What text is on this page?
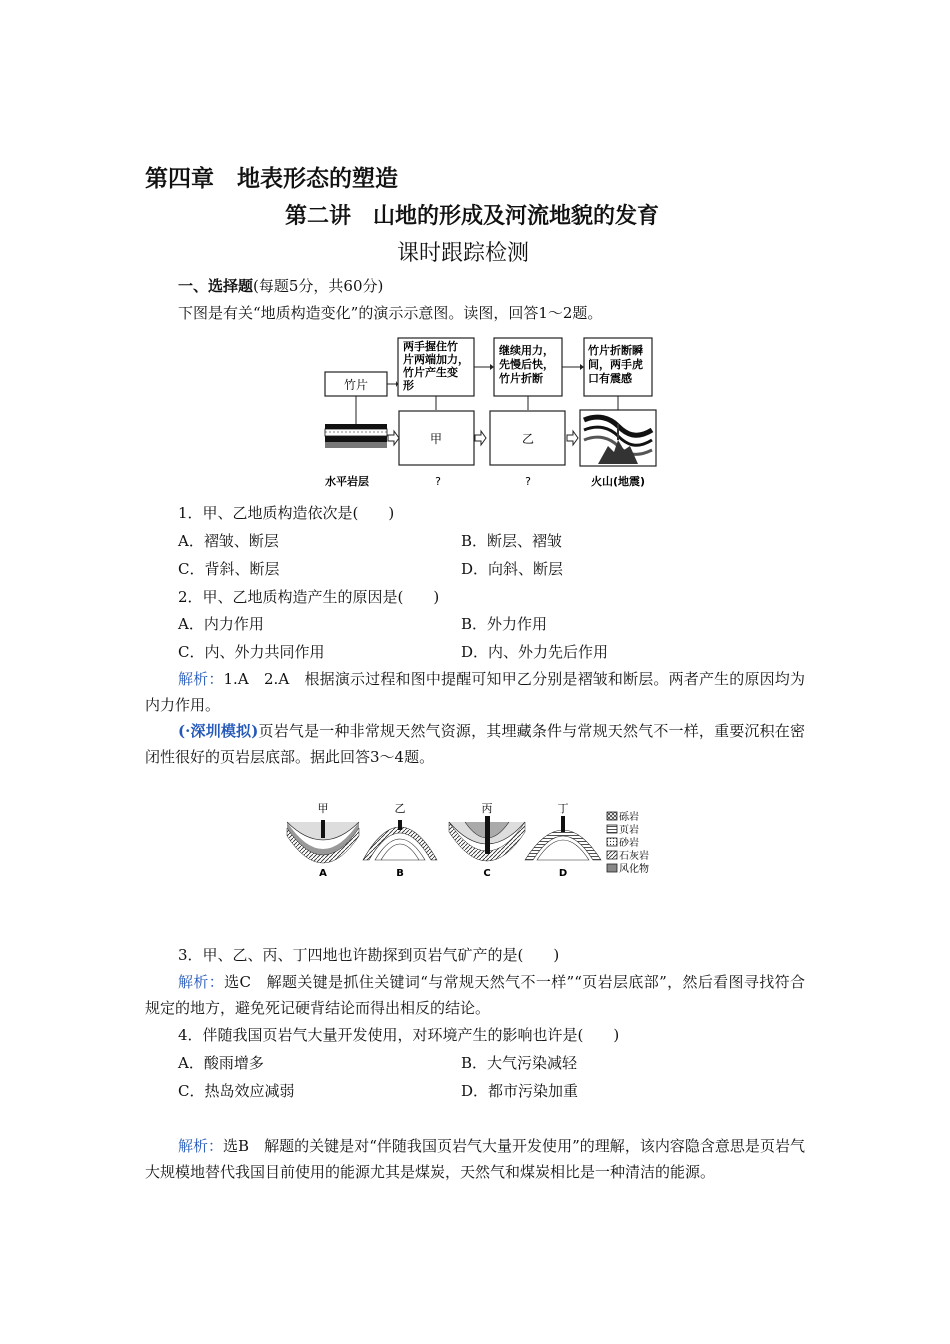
第四章　地表形态的塑造
第二讲　山地的形成及河流地貌的发育
课时跟踪检测
一、选择题(每题5分，共60分)
下图是有关“地质构造变化”的演示示意图。读图，回答1～2题。
竹片
两手握住竹 片两端加力， 竹片产生变 形
继续用力， 先慢后快， 竹片折断
竹片折断瞬 间，两手虎 口有震感
甲	乙
水平岩层	?	?	火山(地震)
1．甲、乙地质构造依次是(　　)
A．褶皱、断层	B．断层、褶皱
C．背斜、断层	D．向斜、断层
2．甲、乙地质构造产生的原因是(　　)
A．内力作用	B．外力作用
C．内、外力共同作用	D．内、外力先后作用
解析：1.A　2.A　根据演示过程和图中提醒可知甲乙分别是褶皱和断层。两者产生的原因均为内力作用。
(·深圳模拟)页岩气是一种非常规天然气资源，其埋藏条件与常规天然气不一样，重要沉积在密闭性很好的页岩层底部。据此回答3～4题。
甲	乙	丙	丁
A	B	C	D
砾岩
页岩
砂岩
石灰岩
风化物
3．甲、乙、丙、丁四地也许勘探到页岩气矿产的是(　　)
解析：选C　解题关键是抓住关键词“与常规天然气不一样”“页岩层底部”，然后看图寻找符合规定的地方，避免死记硬背结论而得出相反的结论。
4．伴随我国页岩气大量开发使用，对环境产生的影响也许是(　　)
A．酸雨增多	B．大气污染减轻
C．热岛效应减弱	D．都市污染加重
解析：选B　解题的关键是对“伴随我国页岩气大量开发使用”的理解，该内容隐含意思是页岩气大规模地替代我国目前使用的能源尤其是煤炭，天然气和煤炭相比是一种清洁的能源。
